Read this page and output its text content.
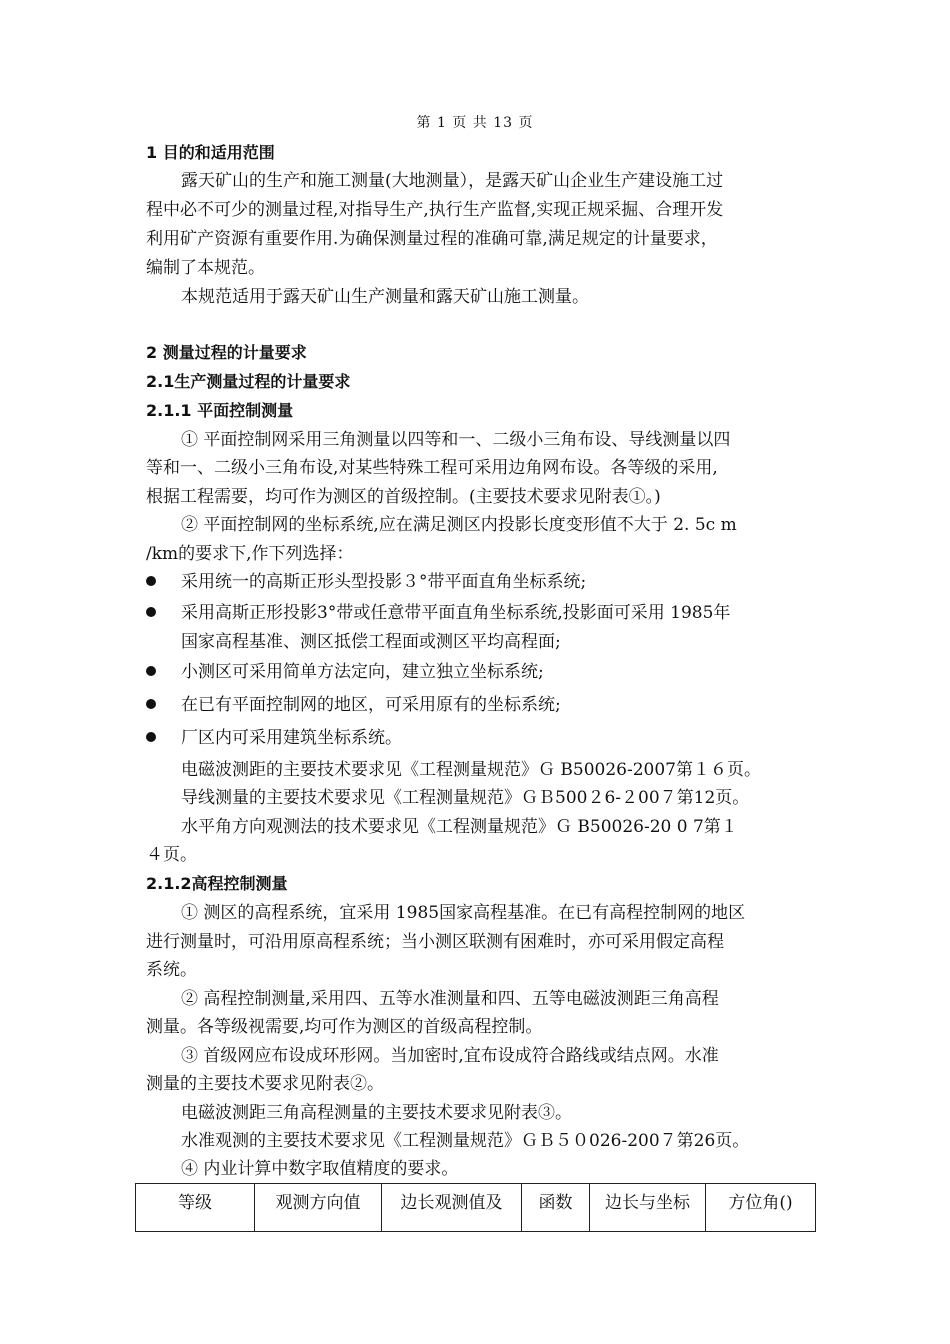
第 1 页 共 13 页
1 目的和适用范围
露天矿山的生产和施工测量(大地测量），是露天矿山企业生产建设施工过
程中必不可少的测量过程,对指导生产,执行生产监督,实现正规采掘、合理开发
利用矿产资源有重要作用.为确保测量过程的准确可靠,满足规定的计量要求，
编制了本规范。
本规范适用于露天矿山生产测量和露天矿山施工测量。
2 测量过程的计量要求
2.1生产测量过程的计量要求
2.1.1 平面控制测量
① 平面控制网采用三角测量以四等和一、二级小三角布设、导线测量以四
等和一、二级小三角布设,对某些特殊工程可采用边角网布设。各等级的采用,
根据工程需要，均可作为测区的首级控制。(主要技术要求见附表①。)
② 平面控制网的坐标系统,应在满足测区内投影长度变形值不大于 2. 5c m
/km的要求下,作下列选择：
采用统一的高斯正形头型投影３°带平面直角坐标系统;
采用高斯正形投影3°带或任意带平面直角坐标系统,投影面可采用 1985年
国家高程基准、测区抵偿工程面或测区平均高程面;
小测区可采用简单方法定向，建立独立坐标系统;
在已有平面控制网的地区，可采用原有的坐标系统;
厂区内可采用建筑坐标系统。
电磁波测距的主要技术要求见《工程测量规范》Ｇ B50026-2007第１６页。
导线测量的主要技术要求见《工程测量规范》ＧＢ500２6-２00７第12页。
水平角方向观测法的技术要求见《工程测量规范》Ｇ B50026-20 0 7第１
４页。
2.1.2高程控制测量
① 测区的高程系统，宜采用 1985国家高程基准。在已有高程控制网的地区
进行测量时，可沿用原高程系统；当小测区联测有困难时，亦可采用假定高程
系统。
② 高程控制测量,采用四、五等水准测量和四、五等电磁波测距三角高程
测量。各等级视需要,均可作为测区的首级高程控制。
③ 首级网应布设成环形网。当加密时,宜布设成符合路线或结点网。水准
测量的主要技术要求见附表②。
电磁波测距三角高程测量的主要技术要求见附表③。
水准观测的主要技术要求见《工程测量规范》ＧＢ５０026-200７第26页。
④ 内业计算中数字取值精度的要求。
等级	观测方向值	边长观测值及	函数	边长与坐标	方位角()
